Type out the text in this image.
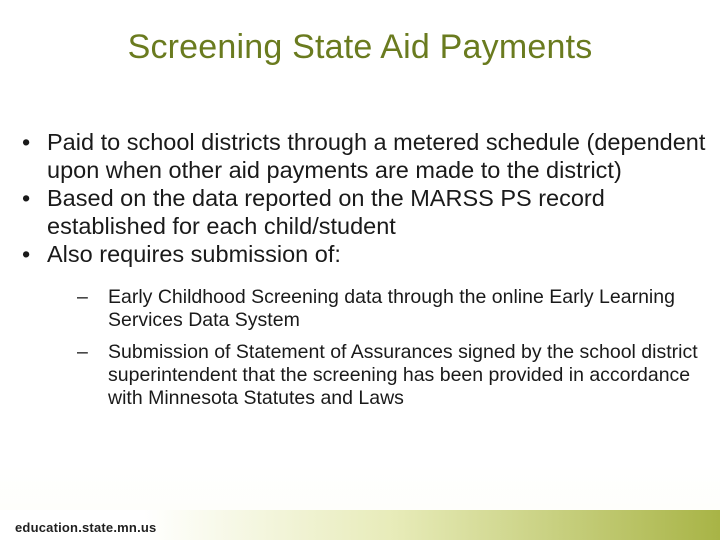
Screening State Aid Payments
• Paid to school districts through a metered schedule (dependent upon when other aid payments are made to the district)
• Based on the data reported on the MARSS PS record established for each child/student
• Also requires submission of:
– Early Childhood Screening data through the online Early Learning Services Data System
– Submission of Statement of Assurances signed by the school district superintendent that the screening has been provided in accordance with Minnesota Statutes and Laws
education.state.mn.us
